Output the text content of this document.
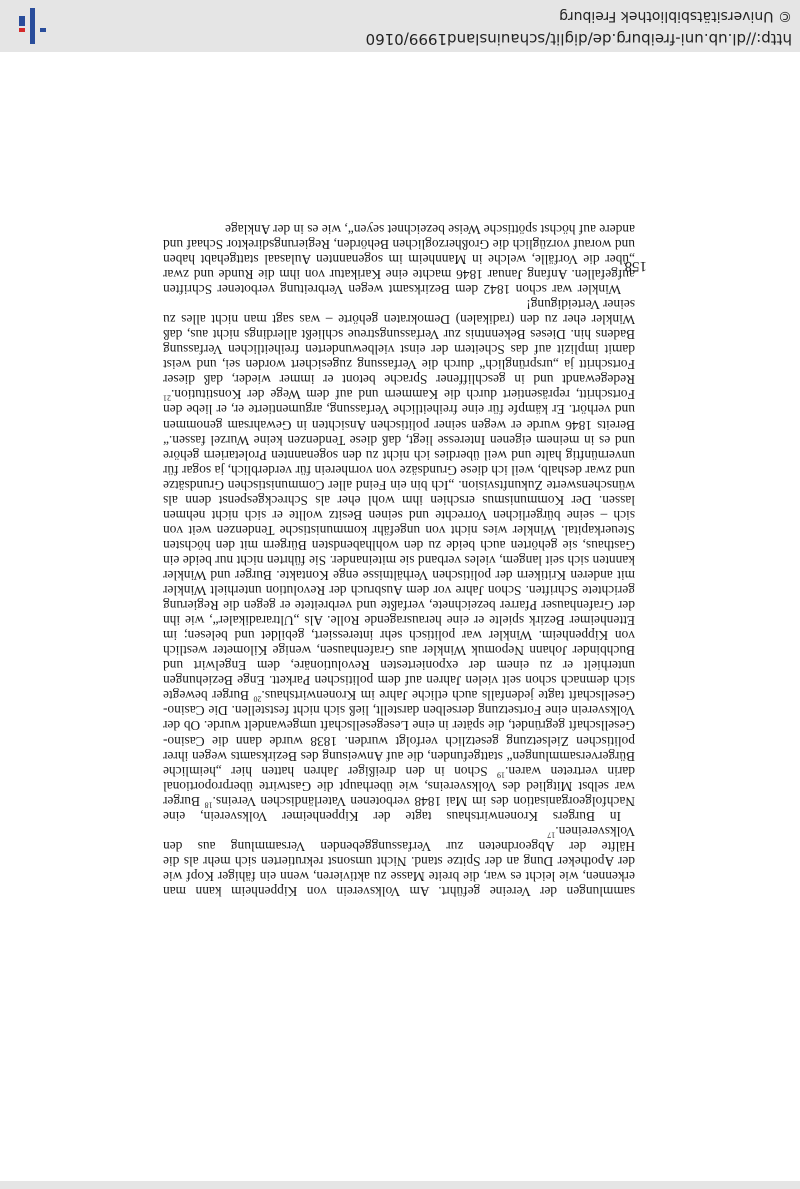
sammlungen der Vereine geführt. Am Volksverein von Kippenheim kann man erkennen, wie leicht es war, die breite Masse zu aktivieren, wenn ein fähiger Kopf wie der Apotheker Dung an der Spitze stand. Nicht umsonst rekrutierten sich mehr als die Hälfte der Abgeordneten zur Verfassunggebenden Versammlung aus den Volksvereinen.$^{17}$

In Burgers Kronenwirtshaus tagte der Kippenheimer Volksverein, eine Nachfolgeorganisation des im Mai 1848 verbotenen Vaterländischen Vereins.$^{18}$ Burger war selbst Mitglied des Volksvereins, wie überhaupt die Gastwirte überproportional darin vertreten waren.$^{19}$ Schon in den dreißiger Jahren hatten hier „heimliche Bürgerversammlungen“ stattgefunden, die auf Anweisung des Bezirksamts wegen ihrer politischen Zielsetzung gesetzlich verfolgt wurden. 1838 wurde dann die Casino-Gesellschaft gegründet, die später in eine Lesegesellschaft umgewandelt wurde. Ob der Volksverein eine Fortsetzung derselben darstellt, ließ sich nicht feststellen. Die Casino-Gesellschaft tagte jedenfalls auch etliche Jahre im Kronenwirtshaus.$^{20}$ Burger bewegte sich demnach schon seit vielen Jahren auf dem politischen Parkett. Enge Beziehungen unterhielt er zu einem der exponiertesten Revolutionäre, dem Engelwirt und Buchbinder Johann Nepomuk Winkler aus Grafenhausen, wenige Kilometer westlich von Kippenheim. Winkler war politisch sehr interessiert, gebildet und belesen; im Ettenheimer Bezirk spielte er eine herausragende Rolle. Als „Ultraradikaler“, wie ihn der Grafenhauser Pfarrer bezeichnete, verfaßte und verbreitete er gegen die Regierung gerichtete Schriften. Schon Jahre vor dem Ausbruch der Revolution unterhielt Winkler mit anderen Kritikern der politischen Verhältnisse enge Kontakte. Burger und Winkler kannten sich seit langem, vieles verband sie miteinander. Sie führten nicht nur beide ein Gasthaus, sie gehörten auch beide zu den wohlhabendsten Bürgern mit den höchsten Steuerkapital. Winkler wies nicht von ungefähr kommunistische Tendenzen weit von sich – seine bürgerlichen Vorrechte und seinen Besitz wollte er sich nicht nehmen lassen. Der Kommunismus erschien ihm wohl eher als Schreckgespenst denn als wünschenswerte Zukunftsvision. „Ich bin ein Feind aller Communistischen Grundsätze und zwar deshalb, weil ich diese Grundsäze von vornherein für verderblich, ja sogar für unvernünftig halte und weil überdies ich nicht zu den sogenannten Proletariern gehöre und es in meinem eigenen Interesse liegt, daß diese Tendenzen keine Wurzel fassen.“ Bereits 1846 wurde er wegen seiner politischen Ansichten in Gewahrsam genommen und verhört. Er kämpfe für eine freiheitliche Verfassung, argumentierte er, er liebe den Fortschritt, repräsentiert durch die Kammern und auf dem Wege der Konstitution.$^{21}$ Redegewandt und in geschliffener Sprache betont er immer wieder, daß dieser Fortschritt ja „ursprünglich“ durch die Verfassung zugesichert worden sei, und weist damit implizit auf das Scheitern der einst vielbewunderten freiheitlichen Verfassung Badens hin. Dieses Bekenntnis zur Verfassungstreue schließt allerdings nicht aus, daß Winkler eher zu den (radikalen) Demokraten gehörte – was sagt man nicht alles zu seiner Verteidigung!

Winkler war schon 1842 dem Bezirksamt wegen Verbreitung verbotener Schriften aufgefallen. Anfang Januar 1846 machte eine Karikatur von ihm die Runde und zwar „über die Vorfälle, welche in Mannheim im sogenannten Aulasaal stattgehabt haben und worauf vorzüglich die Großherzoglichen Behörden, Regierungsdirektor Schaaf und andere auf höchst spöttische Weise bezeichnet seyen“, wie es in der Anklage

158
http://dl.ub.uni-freiburg.de/diglit/schauinsland1999/0160
© Universitätsbibliothek Freiburg
